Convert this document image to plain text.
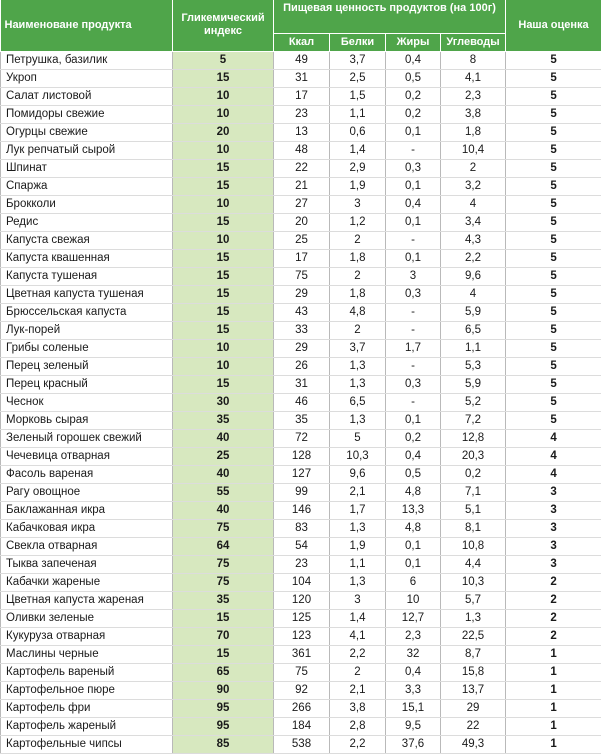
Наименоване продукта	Гликемический индекс	Пищевая ценность продуктов (на 100г)				Наша оценка
		Ккал	Белки	Жиры	Углеводы	
Петрушка, базилик	5	49	3,7	0,4	8	5
Укроп	15	31	2,5	0,5	4,1	5
Салат листовой	10	17	1,5	0,2	2,3	5
Помидоры свежие	10	23	1,1	0,2	3,8	5
Огурцы свежие	20	13	0,6	0,1	1,8	5
Лук репчатый сырой	10	48	1,4	-	10,4	5
Шпинат	15	22	2,9	0,3	2	5
Спаржа	15	21	1,9	0,1	3,2	5
Брокколи	10	27	3	0,4	4	5
Редис	15	20	1,2	0,1	3,4	5
Капуста свежая	10	25	2	-	4,3	5
Капуста квашенная	15	17	1,8	0,1	2,2	5
Капуста тушеная	15	75	2	3	9,6	5
Цветная капуста тушеная	15	29	1,8	0,3	4	5
Брюссельская капуста	15	43	4,8	-	5,9	5
Лук-порей	15	33	2	-	6,5	5
Грибы соленые	10	29	3,7	1,7	1,1	5
Перец зеленый	10	26	1,3	-	5,3	5
Перец красный	15	31	1,3	0,3	5,9	5
Чеснок	30	46	6,5	-	5,2	5
Морковь сырая	35	35	1,3	0,1	7,2	5
Зеленый горошек свежий	40	72	5	0,2	12,8	4
Чечевица отварная	25	128	10,3	0,4	20,3	4
Фасоль вареная	40	127	9,6	0,5	0,2	4
Рагу овощное	55	99	2,1	4,8	7,1	3
Баклажанная икра	40	146	1,7	13,3	5,1	3
Кабачковая икра	75	83	1,3	4,8	8,1	3
Свекла отварная	64	54	1,9	0,1	10,8	3
Тыква запеченая	75	23	1,1	0,1	4,4	3
Кабачки жареные	75	104	1,3	6	10,3	2
Цветная капуста жареная	35	120	3	10	5,7	2
Оливки зеленые	15	125	1,4	12,7	1,3	2
Кукуруза отварная	70	123	4,1	2,3	22,5	2
Маслины черные	15	361	2,2	32	8,7	1
Картофель вареный	65	75	2	0,4	15,8	1
Картофельное пюре	90	92	2,1	3,3	13,7	1
Картофель фри	95	266	3,8	15,1	29	1
Картофель жареный	95	184	2,8	9,5	22	1
Картофельные чипсы	85	538	2,2	37,6	49,3	1
